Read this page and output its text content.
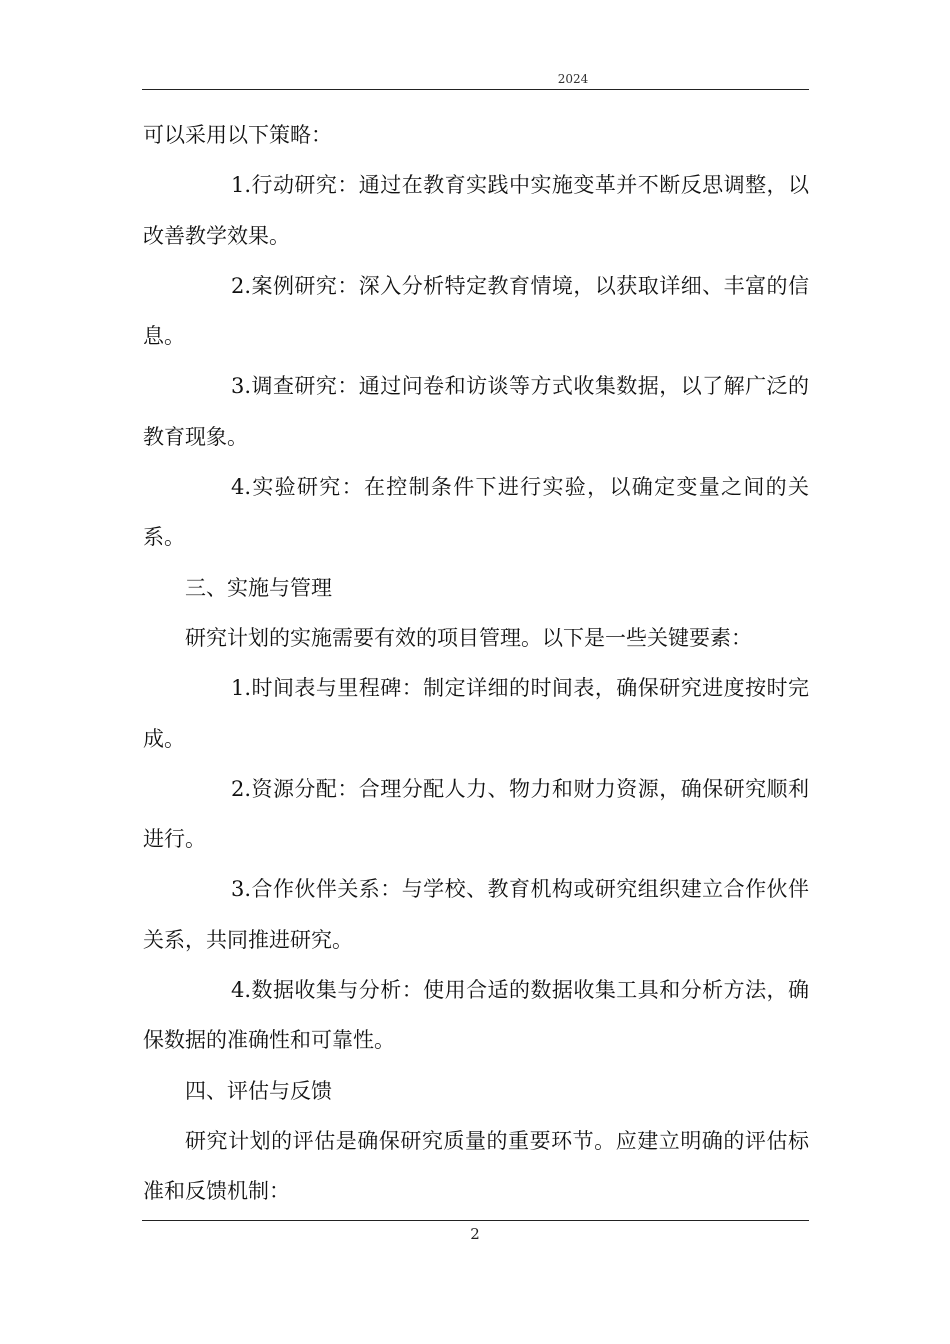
2024

可以采用以下策略：

1.行动研究：通过在教育实践中实施变革并不断反思调整，以改善教学效果。

2.案例研究：深入分析特定教育情境，以获取详细、丰富的信息。

3.调查研究：通过问卷和访谈等方式收集数据，以了解广泛的教育现象。

4.实验研究：在控制条件下进行实验，以确定变量之间的关系。

三、实施与管理

研究计划的实施需要有效的项目管理。以下是一些关键要素：

1.时间表与里程碑：制定详细的时间表，确保研究进度按时完成。

2.资源分配：合理分配人力、物力和财力资源，确保研究顺利进行。

3.合作伙伴关系：与学校、教育机构或研究组织建立合作伙伴关系，共同推进研究。

4.数据收集与分析：使用合适的数据收集工具和分析方法，确保数据的准确性和可靠性。

四、评估与反馈

研究计划的评估是确保研究质量的重要环节。应建立明确的评估标准和反馈机制：

2
